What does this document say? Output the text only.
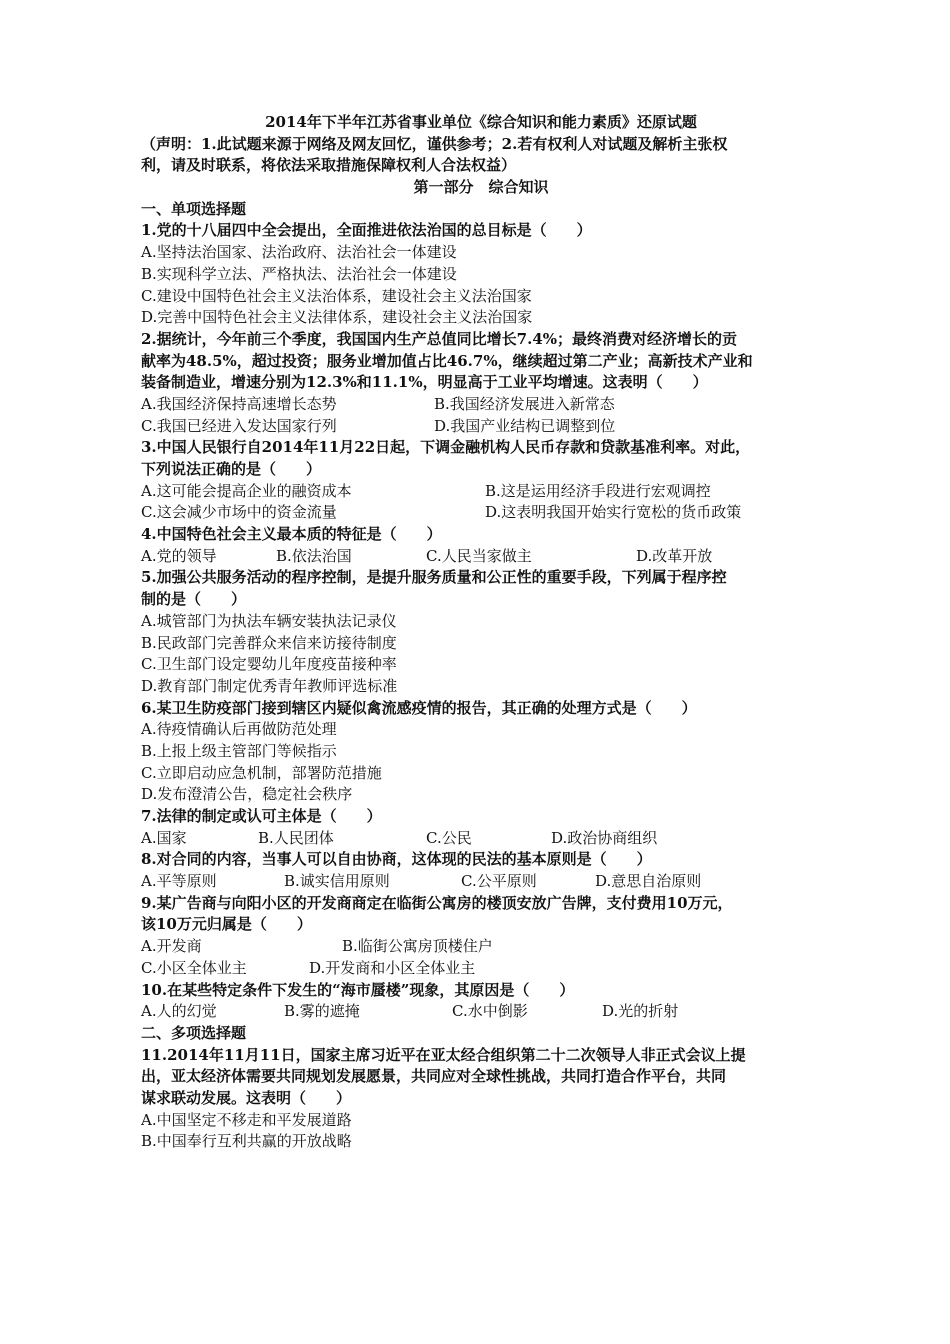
2014年下半年江苏省事业单位《综合知识和能力素质》还原试题
（声明：1.此试题来源于网络及网友回忆，谨供参考；2.若有权利人对试题及解析主张权
利，请及时联系，将依法采取措施保障权利人合法权益）
第一部分　综合知识
一、单项选择题
1.党的十八届四中全会提出，全面推进依法治国的总目标是（　　）
A.坚持法治国家、法治政府、法治社会一体建设
B.实现科学立法、严格执法、法治社会一体建设
C.建设中国特色社会主义法治体系，建设社会主义法治国家
D.完善中国特色社会主义法律体系，建设社会主义法治国家
2.据统计，今年前三个季度，我国国内生产总值同比增长7.4%；最终消费对经济增长的贡
献率为48.5%，超过投资；服务业增加值占比46.7%，继续超过第二产业；高新技术产业和
装备制造业，增速分别为12.3%和11.1%，明显高于工业平均增速。这表明（　　）
A.我国经济保持高速增长态势	B.我国经济发展进入新常态
C.我国已经进入发达国家行列	D.我国产业结构已调整到位
3.中国人民银行自2014年11月22日起，下调金融机构人民币存款和贷款基准利率。对此，
下列说法正确的是（　　）
A.这可能会提高企业的融资成本	B.这是运用经济手段进行宏观调控
C.这会减少市场中的资金流量	D.这表明我国开始实行宽松的货币政策
4.中国特色社会主义最本质的特征是（　　）
A.党的领导	B.依法治国	C.人民当家做主	D.改革开放
5.加强公共服务活动的程序控制，是提升服务质量和公正性的重要手段，下列属于程序控
制的是（　　）
A.城管部门为执法车辆安装执法记录仪
B.民政部门完善群众来信来访接待制度
C.卫生部门设定婴幼儿年度疫苗接种率
D.教育部门制定优秀青年教师评选标准
6.某卫生防疫部门接到辖区内疑似禽流感疫情的报告，其正确的处理方式是（　　）
A.待疫情确认后再做防范处理
B.上报上级主管部门等候指示
C.立即启动应急机制，部署防范措施
D.发布澄清公告，稳定社会秩序
7.法律的制定或认可主体是（　　）
A.国家	B.人民团体	C.公民	D.政治协商组织
8.对合同的内容，当事人可以自由协商，这体现的民法的基本原则是（　　）
A.平等原则	B.诚实信用原则	C.公平原则	D.意思自治原则
9.某广告商与向阳小区的开发商商定在临街公寓房的楼顶安放广告牌，支付费用10万元，
该10万元归属是（　　）
A.开发商	B.临街公寓房顶楼住户
C.小区全体业主	D.开发商和小区全体业主
10.在某些特定条件下发生的“海市蜃楼”现象，其原因是（　　）
A.人的幻觉	B.雾的遮掩	C.水中倒影	D.光的折射
二、多项选择题
11.2014年11月11日，国家主席习近平在亚太经合组织第二十二次领导人非正式会议上提
出，亚太经济体需要共同规划发展愿景，共同应对全球性挑战，共同打造合作平台，共同
谋求联动发展。这表明（　　）
A.中国坚定不移走和平发展道路
B.中国奉行互利共赢的开放战略
